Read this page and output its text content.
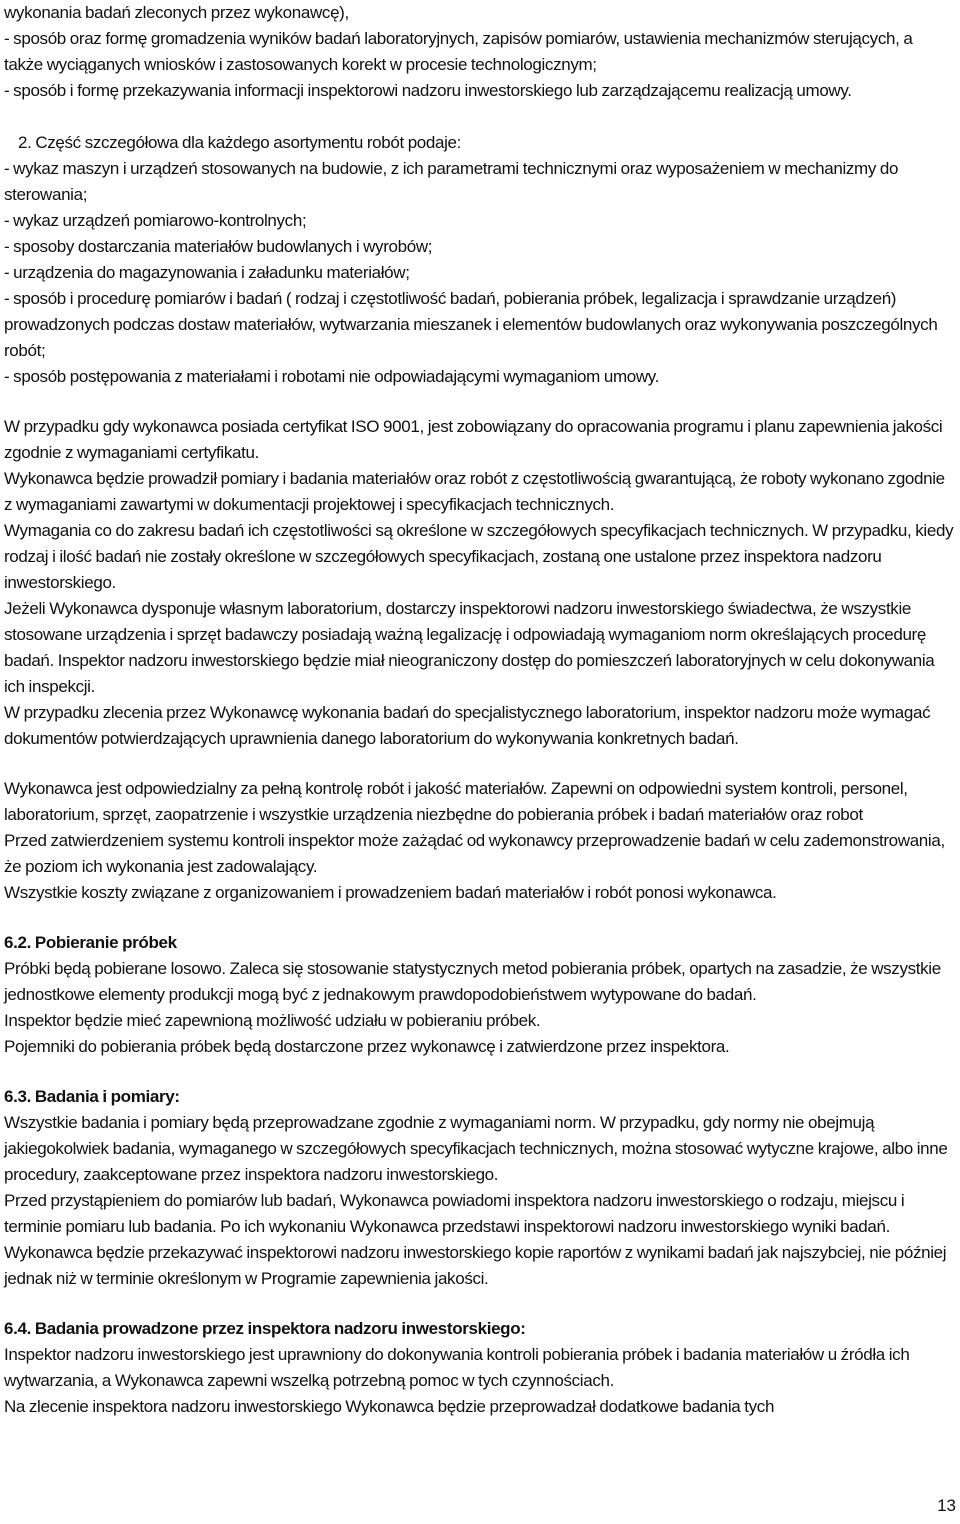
wykonania badań zleconych przez wykonawcę),

- sposób oraz formę gromadzenia wyników badań laboratoryjnych, zapisów pomiarów, ustawienia mechanizmów sterujących, a także wyciąganych wniosków i zastosowanych korekt w procesie technologicznym;

- sposób i formę przekazywania informacji inspektorowi nadzoru inwestorskiego lub zarządzającemu realizacją umowy.

2. Część szczegółowa dla każdego asortymentu robót podaje:

- wykaz maszyn i urządzeń stosowanych na budowie, z ich parametrami technicznymi oraz wyposażeniem w mechanizmy do sterowania;

- wykaz urządzeń pomiarowo-kontrolnych;

- sposoby dostarczania materiałów budowlanych i wyrobów;

- urządzenia do magazynowania i załadunku materiałów;

- sposób i procedurę pomiarów i badań ( rodzaj i częstotliwość badań, pobierania próbek, legalizacja i sprawdzanie urządzeń) prowadzonych podczas dostaw materiałów, wytwarzania mieszanek i elementów budowlanych oraz wykonywania poszczególnych robót;

- sposób postępowania z materiałami i robotami nie odpowiadającymi wymaganiom umowy.

W przypadku gdy wykonawca posiada certyfikat ISO 9001, jest zobowiązany do opracowania programu i planu zapewnienia jakości zgodnie z wymaganiami certyfikatu.

Wykonawca będzie prowadził pomiary i badania materiałów oraz robót z częstotliwością gwarantującą, że roboty wykonano zgodnie z wymaganiami zawartymi w dokumentacji projektowej i specyfikacjach technicznych.

Wymagania co do zakresu badań ich częstotliwości są określone w szczegółowych specyfikacjach technicznych. W przypadku, kiedy rodzaj i ilość badań nie zostały określone w szczegółowych specyfikacjach, zostaną one ustalone przez inspektora nadzoru inwestorskiego.

Jeżeli Wykonawca dysponuje własnym laboratorium, dostarczy inspektorowi nadzoru inwestorskiego świadectwa, że wszystkie stosowane urządzenia i sprzęt badawczy posiadają ważną legalizację i odpowiadają wymaganiom norm określających procedurę badań. Inspektor nadzoru inwestorskiego będzie miał nieograniczony dostęp do pomieszczeń laboratoryjnych w celu dokonywania ich inspekcji.

W przypadku zlecenia przez Wykonawcę wykonania badań do specjalistycznego laboratorium, inspektor nadzoru może wymagać dokumentów potwierdzających uprawnienia danego laboratorium do wykonywania konkretnych badań.

Wykonawca jest odpowiedzialny za pełną kontrolę robót i jakość materiałów. Zapewni on odpowiedni system kontroli, personel, laboratorium, sprzęt, zaopatrzenie i wszystkie urządzenia niezbędne do pobierania próbek i badań materiałów oraz robot

Przed zatwierdzeniem systemu kontroli inspektor może zażądać od wykonawcy przeprowadzenie badań w celu zademonstrowania, że poziom ich wykonania jest zadowalający.

Wszystkie koszty związane z organizowaniem i prowadzeniem badań materiałów i robót ponosi wykonawca.

6.2. Pobieranie próbek

Próbki będą pobierane losowo. Zaleca się stosowanie statystycznych metod pobierania próbek, opartych na zasadzie, że wszystkie jednostkowe elementy produkcji mogą być z jednakowym prawdopodobieństwem wytypowane do badań.

Inspektor będzie mieć zapewnioną możliwość udziału w pobieraniu próbek.

Pojemniki do pobierania próbek będą dostarczone przez wykonawcę i zatwierdzone przez inspektora.

6.3. Badania i pomiary:

Wszystkie badania i pomiary będą przeprowadzane zgodnie z wymaganiami norm. W przypadku, gdy normy nie obejmują jakiegokolwiek badania, wymaganego w szczegółowych specyfikacjach technicznych, można stosować wytyczne krajowe, albo inne procedury, zaakceptowane przez inspektora nadzoru inwestorskiego.

Przed przystąpieniem do pomiarów lub badań, Wykonawca powiadomi inspektora nadzoru inwestorskiego o rodzaju, miejscu i terminie pomiaru lub badania. Po ich wykonaniu Wykonawca przedstawi inspektorowi nadzoru inwestorskiego wyniki badań. Wykonawca będzie przekazywać inspektorowi nadzoru inwestorskiego kopie raportów z wynikami badań jak najszybciej, nie później jednak niż w terminie określonym w Programie zapewnienia jakości.

6.4. Badania prowadzone przez inspektora nadzoru inwestorskiego:

Inspektor nadzoru inwestorskiego jest uprawniony do dokonywania kontroli pobierania próbek i badania materiałów u źródła ich wytwarzania, a Wykonawca zapewni wszelką potrzebną pomoc w tych czynnościach.

Na zlecenie inspektora nadzoru inwestorskiego Wykonawca będzie przeprowadzał dodatkowe badania tych

13
